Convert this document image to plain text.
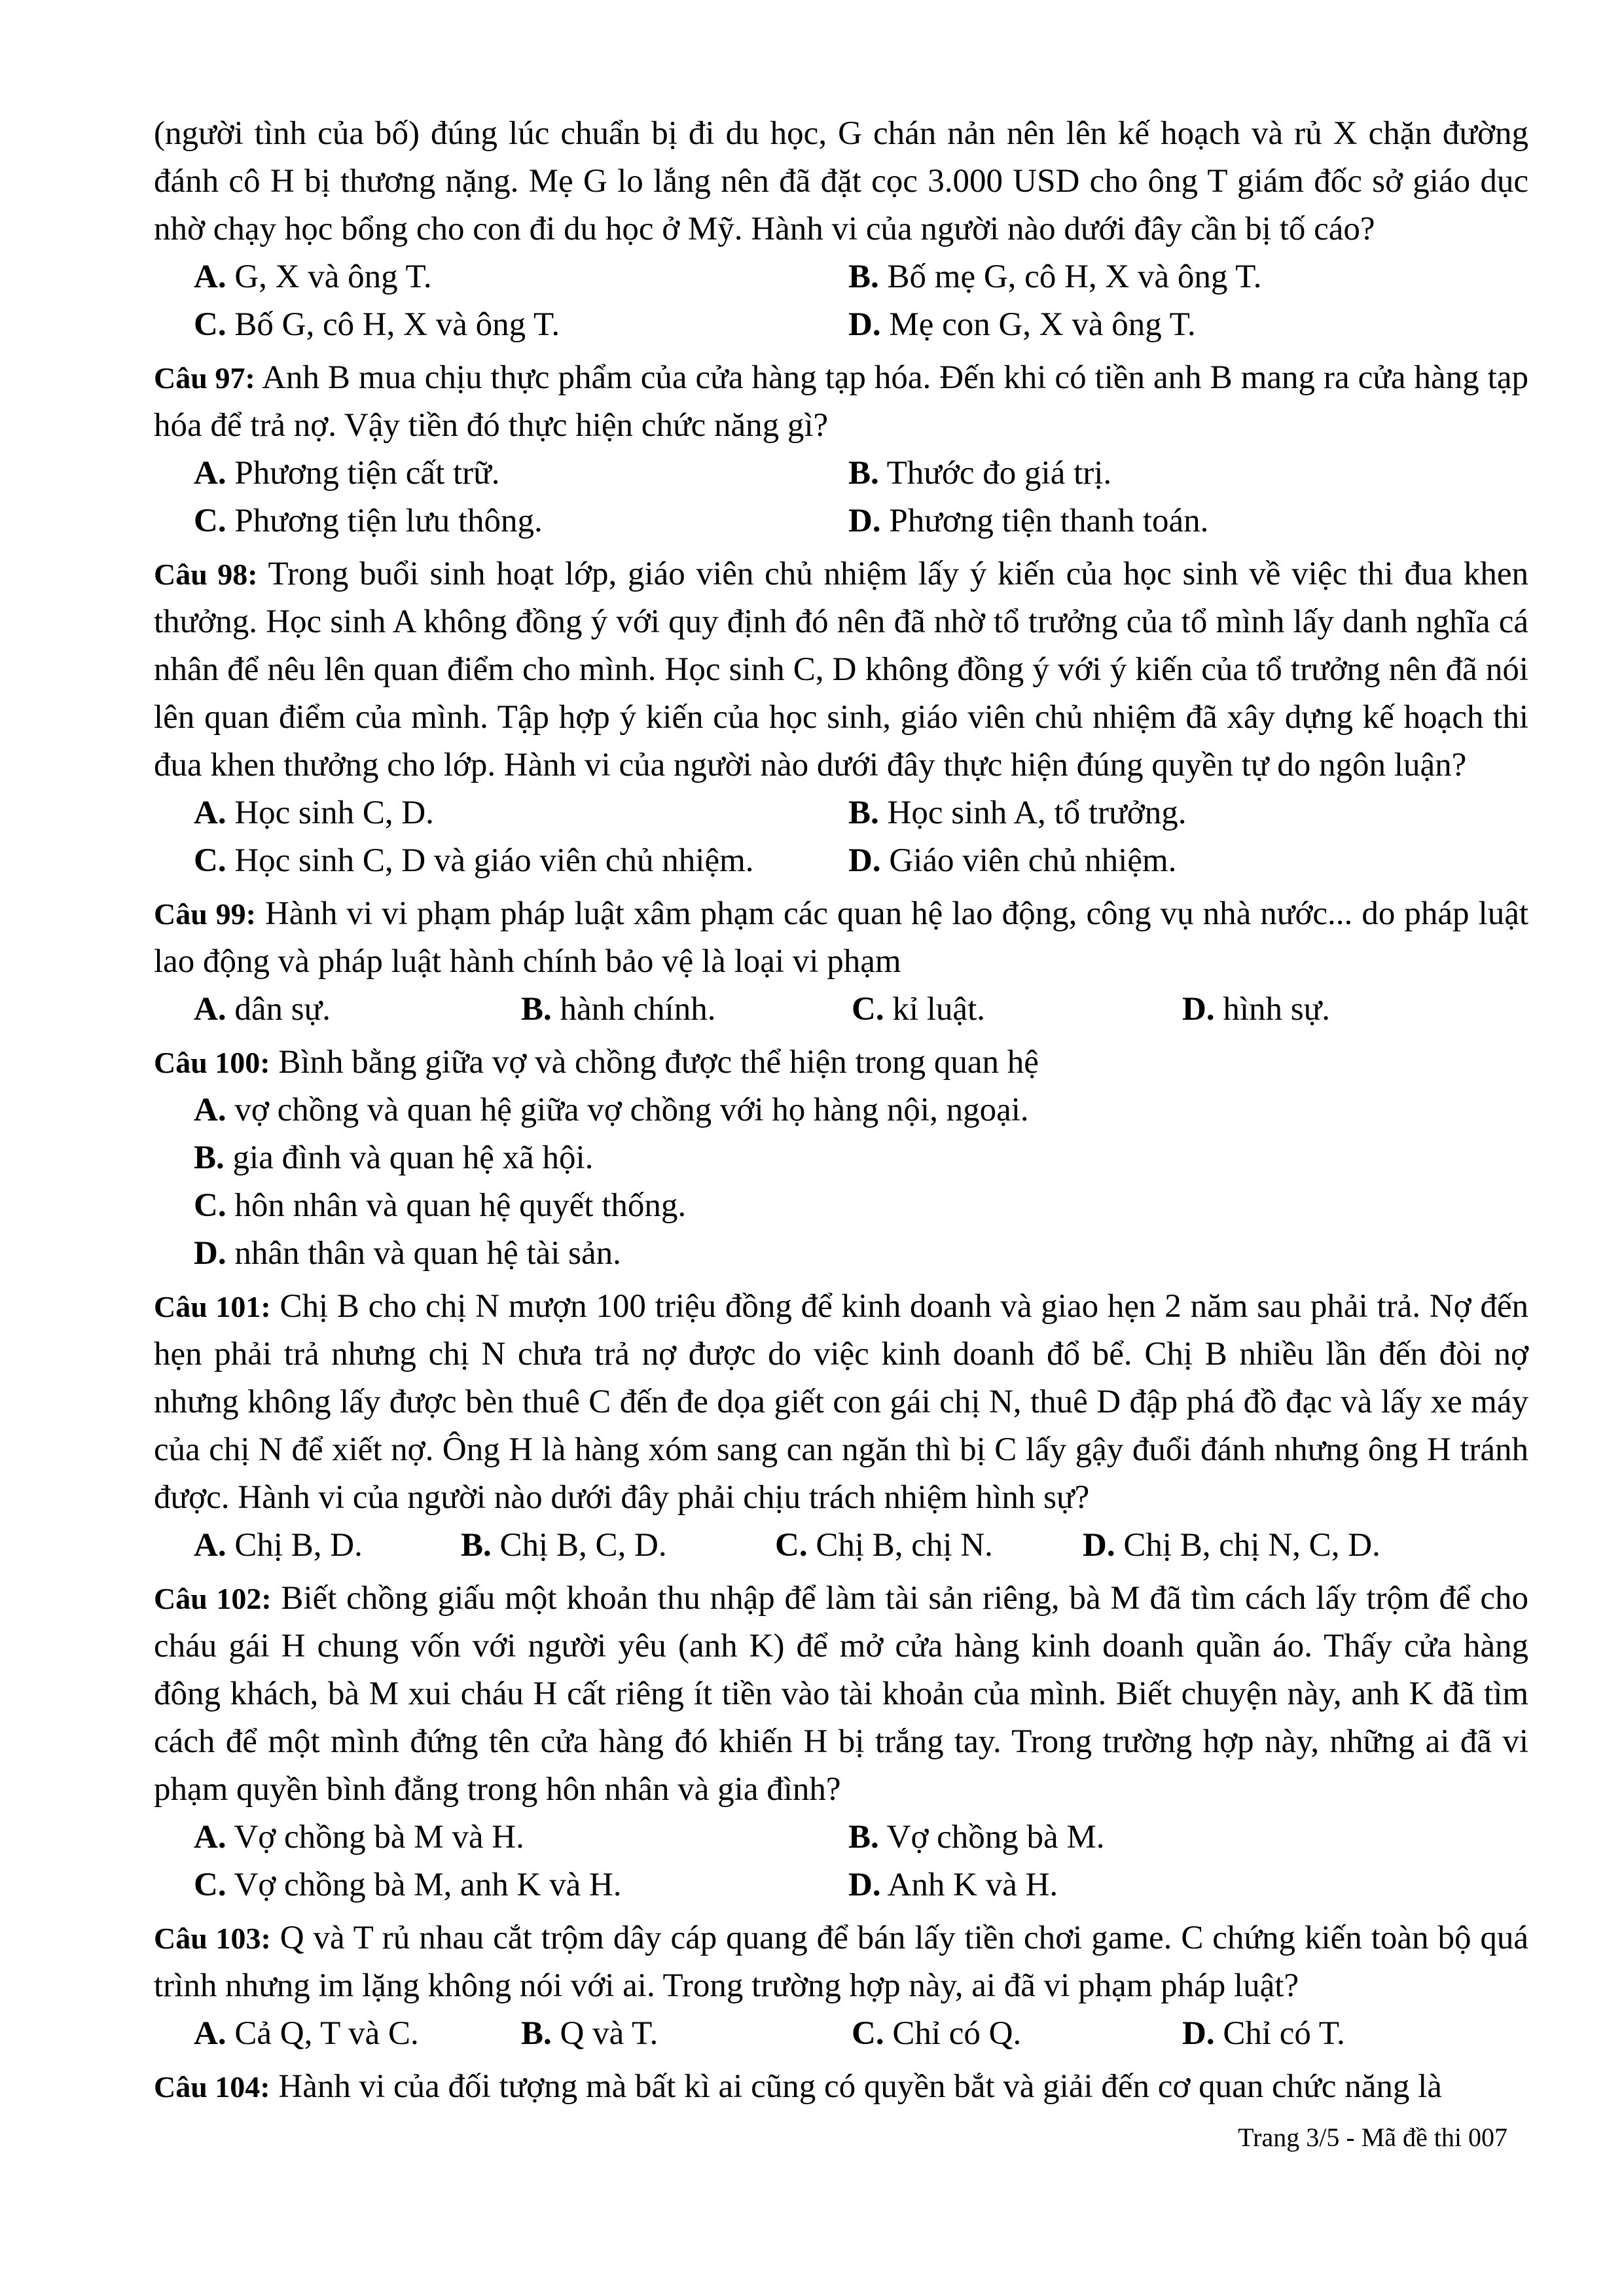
(người tình của bố) đúng lúc chuẩn bị đi du học, G chán nản nên lên kế hoạch và rủ X chặn đường đánh cô H bị thương nặng. Mẹ G lo lắng nên đã đặt cọc 3.000 USD cho ông T giám đốc sở giáo dục nhờ chạy học bổng cho con đi du học ở Mỹ. Hành vi của người nào dưới đây cần bị tố cáo?

A. G, X và ông T.	B. Bố mẹ G, cô H, X và ông T.
C. Bố G, cô H, X và ông T.	D. Mẹ con G, X và ông T.

Câu 97: Anh B mua chịu thực phẩm của cửa hàng tạp hóa. Đến khi có tiền anh B mang ra cửa hàng tạp hóa để trả nợ. Vậy tiền đó thực hiện chức năng gì?

A. Phương tiện cất trữ.	B. Thước đo giá trị.
C. Phương tiện lưu thông.	D. Phương tiện thanh toán.

Câu 98: Trong buổi sinh hoạt lớp, giáo viên chủ nhiệm lấy ý kiến của học sinh về việc thi đua khen thưởng. Học sinh A không đồng ý với quy định đó nên đã nhờ tổ trưởng của tổ mình lấy danh nghĩa cá nhân để nêu lên quan điểm cho mình. Học sinh C, D không đồng ý với ý kiến của tổ trưởng nên đã nói lên quan điểm của mình. Tập hợp ý kiến của học sinh, giáo viên chủ nhiệm đã xây dựng kế hoạch thi đua khen thưởng cho lớp. Hành vi của người nào dưới đây thực hiện đúng quyền tự do ngôn luận?

A. Học sinh C, D.	B. Học sinh A, tổ trưởng.
C. Học sinh C, D và giáo viên chủ nhiệm.	D. Giáo viên chủ nhiệm.

Câu 99: Hành vi vi phạm pháp luật xâm phạm các quan hệ lao động, công vụ nhà nước... do pháp luật lao động và pháp luật hành chính bảo vệ là loại vi phạm

A. dân sự.	B. hành chính.	C. kỉ luật.	D. hình sự.

Câu 100: Bình bằng giữa vợ và chồng được thể hiện trong quan hệ

A. vợ chồng và quan hệ giữa vợ chồng với họ hàng nội, ngoại.
B. gia đình và quan hệ xã hội.
C. hôn nhân và quan hệ quyết thống.
D. nhân thân và quan hệ tài sản.

Câu 101: Chị B cho chị N mượn 100 triệu đồng để kinh doanh và giao hẹn 2 năm sau phải trả. Nợ đến hẹn phải trả nhưng chị N chưa trả nợ được do việc kinh doanh đổ bể. Chị B nhiều lần đến đòi nợ nhưng không lấy được bèn thuê C đến đe dọa giết con gái chị N, thuê D đập phá đồ đạc và lấy xe máy của chị N để xiết nợ. Ông H là hàng xóm sang can ngăn thì bị C lấy gậy đuổi đánh nhưng ông H tránh được. Hành vi của người nào dưới đây phải chịu trách nhiệm hình sự?

A. Chị B, D.	B. Chị B, C, D.	C. Chị B, chị N.	D. Chị B, chị N, C, D.

Câu 102: Biết chồng giấu một khoản thu nhập để làm tài sản riêng, bà M đã tìm cách lấy trộm để cho cháu gái H chung vốn với người yêu (anh K) để mở cửa hàng kinh doanh quần áo. Thấy cửa hàng đông khách, bà M xui cháu H cất riêng ít tiền vào tài khoản của mình. Biết chuyện này, anh K đã tìm cách để một mình đứng tên cửa hàng đó khiến H bị trắng tay. Trong trường hợp này, những ai đã vi phạm quyền bình đẳng trong hôn nhân và gia đình?

A. Vợ chồng bà M và H.	B. Vợ chồng bà M.
C. Vợ chồng bà M, anh K và H.	D. Anh K và H.

Câu 103: Q và T rủ nhau cắt trộm dây cáp quang để bán lấy tiền chơi game. C chứng kiến toàn bộ quá trình nhưng im lặng không nói với ai. Trong trường hợp này, ai đã vi phạm pháp luật?

A. Cả Q, T và C.	B. Q và T.	C. Chỉ có Q.	D. Chỉ có T.

Câu 104: Hành vi của đối tượng mà bất kì ai cũng có quyền bắt và giải đến cơ quan chức năng là

Trang 3/5 - Mã đề thi 007
